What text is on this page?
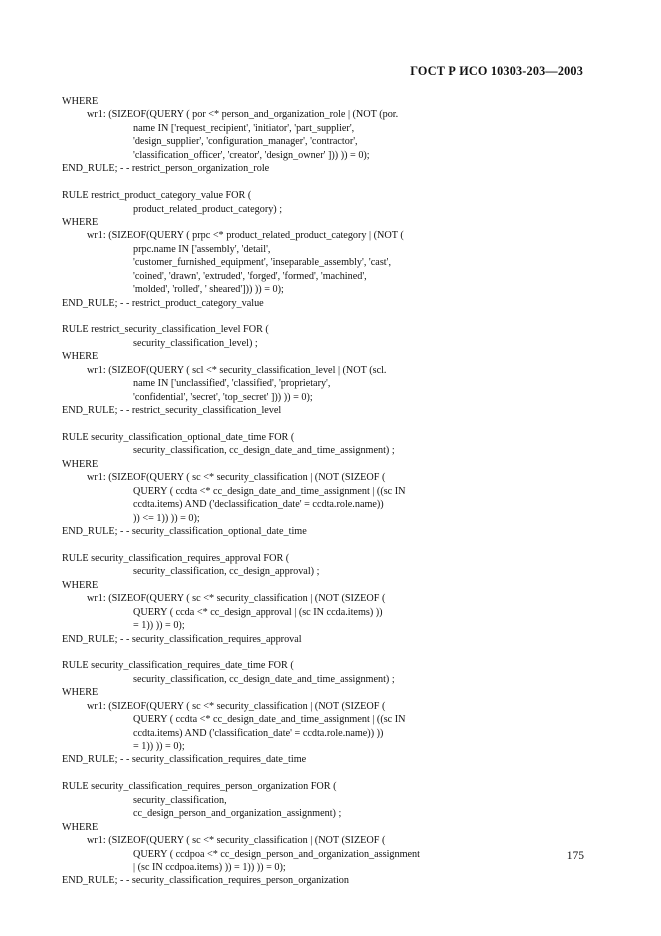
ГОСТ Р ИСО 10303-203—2003
WHERE
wr1: (SIZEOF(QUERY ( por <* person_and_organization_role | (NOT (por.
name IN ['request_recipient', 'initiator', 'part_supplier',
'design_supplier', 'configuration_manager', 'contractor',
'classification_officer', 'creator', 'design_owner' ])) )) = 0);
END_RULE; - - restrict_person_organization_role
RULE restrict_product_category_value FOR (
product_related_product_category) ;
WHERE
wr1: (SIZEOF(QUERY ( prpc <* product_related_product_category | (NOT (
prpc.name IN ['assembly', 'detail',
'customer_furnished_equipment', 'inseparable_assembly', 'cast',
'coined', 'drawn', 'extruded', 'forged', 'formed', 'machined',
'molded', 'rolled', ' sheared'])) )) = 0);
END_RULE; - - restrict_product_category_value
RULE restrict_security_classification_level FOR (
security_classification_level) ;
WHERE
wr1: (SIZEOF(QUERY ( scl <* security_classification_level | (NOT (scl.
name IN ['unclassified', 'classified', 'proprietary',
'confidential', 'secret', 'top_secret' ])) )) = 0);
END_RULE; - - restrict_security_classification_level
RULE security_classification_optional_date_time FOR (
security_classification, cc_design_date_and_time_assignment) ;
WHERE
wr1: (SIZEOF(QUERY ( sc <* security_classification | (NOT (SIZEOF (
QUERY ( ccdta <* cc_design_date_and_time_assignment | ((sc IN
ccdta.items) AND ('declassification_date' = ccdta.role.name))
)) <= 1)) )) = 0);
END_RULE; - - security_classification_optional_date_time
RULE security_classification_requires_approval FOR (
security_classification, cc_design_approval) ;
WHERE
wr1: (SIZEOF(QUERY ( sc <* security_classification | (NOT (SIZEOF (
QUERY ( ccda <* cc_design_approval | (sc IN ccda.items) ))
= 1)) )) = 0);
END_RULE; - - security_classification_requires_approval
RULE security_classification_requires_date_time FOR (
security_classification, cc_design_date_and_time_assignment) ;
WHERE
wr1: (SIZEOF(QUERY ( sc <* security_classification | (NOT (SIZEOF (
QUERY ( ccdta <* cc_design_date_and_time_assignment | ((sc IN
ccdta.items) AND ('classification_date' = ccdta.role.name)) ))
= 1)) )) = 0);
END_RULE; - - security_classification_requires_date_time
RULE security_classification_requires_person_organization FOR (
security_classification,
cc_design_person_and_organization_assignment) ;
WHERE
wr1: (SIZEOF(QUERY ( sc <* security_classification | (NOT (SIZEOF (
QUERY ( ccdpoa <* cc_design_person_and_organization_assignment
| (sc IN ccdpoa.items) )) = 1)) )) = 0);
END_RULE; - - security_classification_requires_person_organization
175
